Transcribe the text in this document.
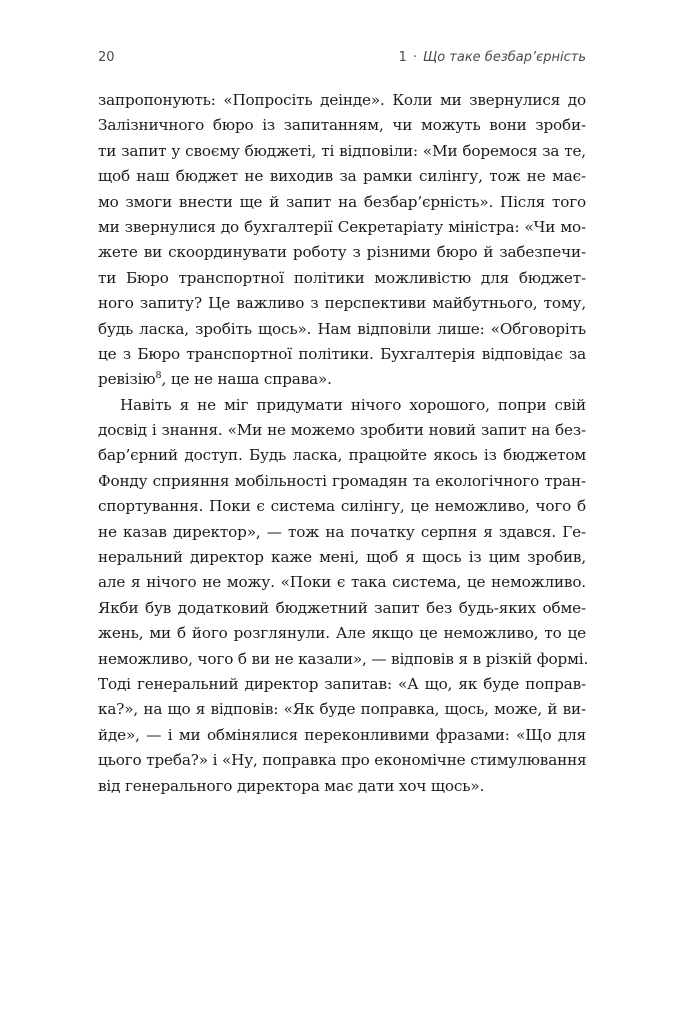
20	1 · Що таке безбар’єрність
запропонують: «Попросіть деінде». Коли ми звернулися до
Залізничного бюро із запитанням, чи можуть вони зроби-
ти запит у своєму бюджеті, ті відповіли: «Ми боремося за те,
щоб наш бюджет не виходив за рамки силінгу, тож не має-
мо змоги внести ще й запит на безбар’єрність». Після того
ми звернулися до бухгалтерії Секретаріату міністра: «Чи мо-
жете ви скоординувати роботу з різними бюро й забезпечи-
ти Бюро транспортної політики можливістю для бюджет-
ного запиту? Це важливо з перспективи майбутнього, тому,
будь ласка, зробіть щось». Нам відповіли лише: «Обговоріть
це з Бюро транспортної політики. Бухгалтерія відповідає за
ревізію$^8$, це не наша справа».
Навіть я не міг придумати нічого хорошого, попри свій
досвід і знання. «Ми не можемо зробити новий запит на без-
бар’єрний доступ. Будь ласка, працюйте якось із бюджетом
Фонду сприяння мобільності громадян та екологічного тран-
спортування. Поки є система силінгу, це неможливо, чого б
не казав директор», — тож на початку серпня я здався. Ге-
неральний директор каже мені, щоб я щось із цим зробив,
але я нічого не можу. «Поки є така система, це неможливо.
Якби був додатковий бюджетний запит без будь-яких обме-
жень, ми б його розглянули. Але якщо це неможливо, то це
неможливо, чого б ви не казали», — відповів я в різкій формі.
Тоді генеральний директор запитав: «А що, як буде поправ-
ка?», на що я відповів: «Як буде поправка, щось, може, й ви-
йде», — і ми обмінялися переконливими фразами: «Що для
цього треба?» і «Ну, поправка про економічне стимулювання
від генерального директора має дати хоч щось».
